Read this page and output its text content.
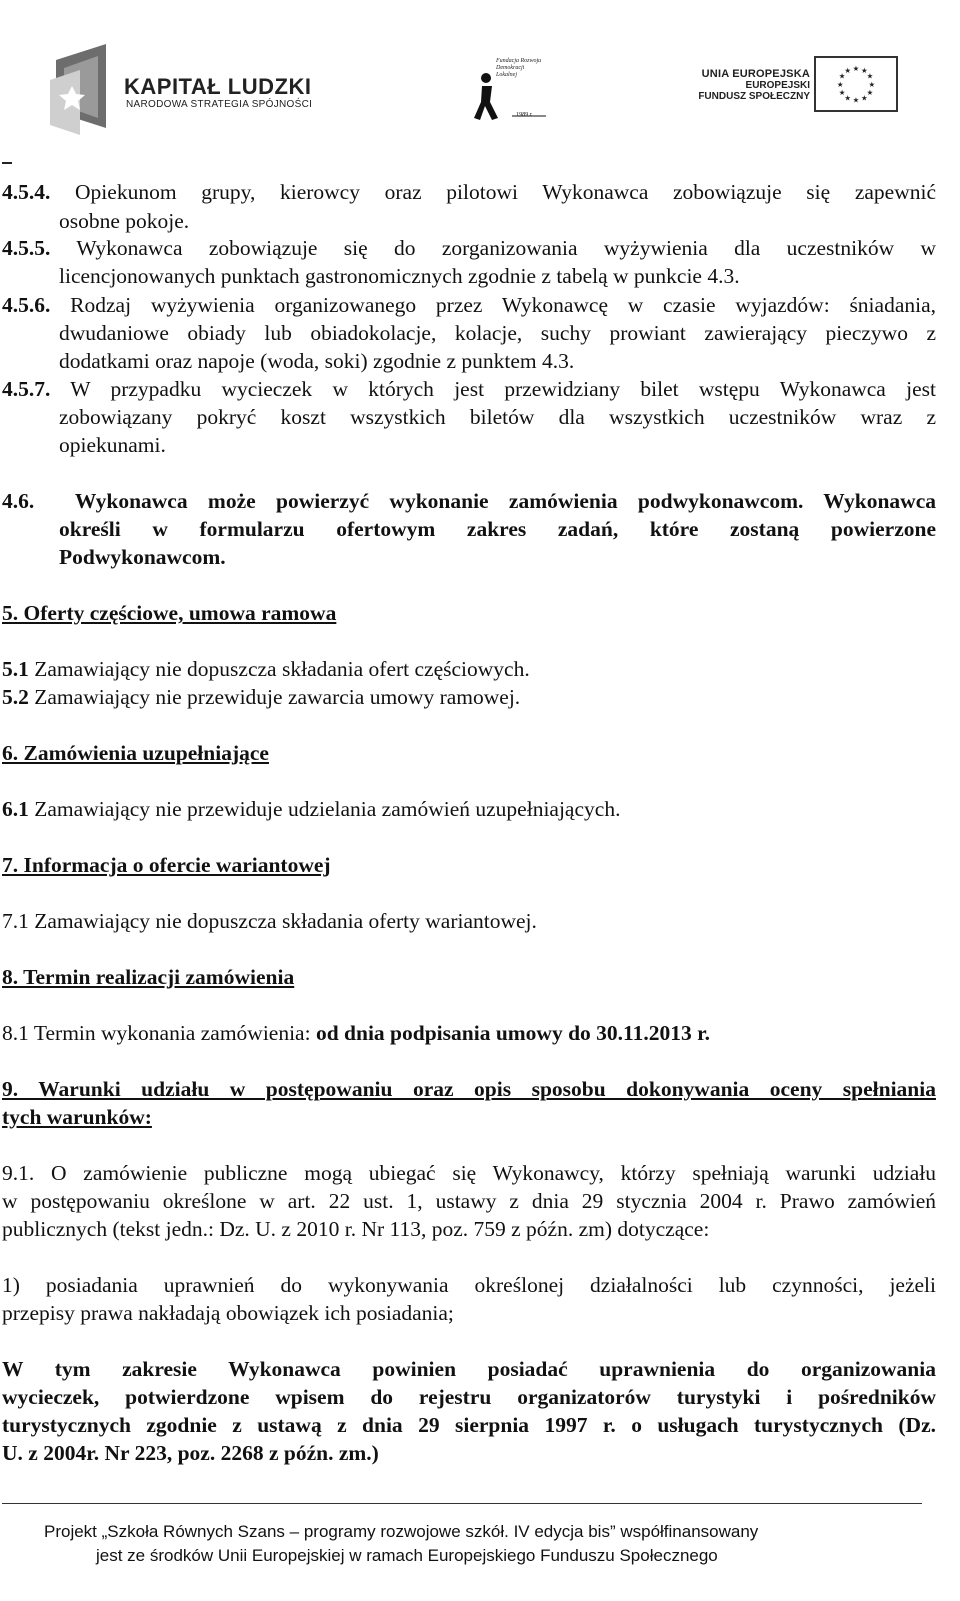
KAPITAŁ LUDZKI
NARODOWA STRATEGIA SPÓJNOŚCI
Fundacja Rozwoju Demokracji Lokalnej
1989 r.
UNIA EUROPEJSKA
EUROPEJSKI
FUNDUSZ SPOŁECZNY
★ ★
★
★
★
★
★
★
★
★
★
★
4.5.4. Opiekunom grupy, kierowcy oraz pilotowi Wykonawca zobowiązuje się zapewnić
osobne pokoje.
4.5.5. Wykonawca zobowiązuje się do zorganizowania wyżywienia dla uczestników w
licencjonowanych punktach gastronomicznych zgodnie z tabelą w punkcie 4.3.
4.5.6. Rodzaj wyżywienia organizowanego przez Wykonawcę w czasie wyjazdów: śniadania,
dwudaniowe obiady lub obiadokolacje, kolacje, suchy prowiant zawierający pieczywo z
dodatkami oraz napoje (woda, soki) zgodnie z punktem 4.3.
4.5.7. W przypadku wycieczek w których jest przewidziany bilet wstępu Wykonawca jest
zobowiązany pokryć koszt wszystkich biletów dla wszystkich uczestników wraz z
opiekunami.
4.6. Wykonawca może powierzyć wykonanie zamówienia podwykonawcom. Wykonawca
określi w formularzu ofertowym zakres zadań, które zostaną powierzone
Podwykonawcom.
5. Oferty częściowe, umowa ramowa
5.1 Zamawiający nie dopuszcza składania ofert częściowych.
5.2 Zamawiający nie przewiduje zawarcia umowy ramowej.
6. Zamówienia uzupełniające
6.1 Zamawiający nie przewiduje udzielania zamówień uzupełniających.
7. Informacja o ofercie wariantowej
7.1 Zamawiający nie dopuszcza składania oferty wariantowej.
8. Termin realizacji zamówienia
8.1 Termin wykonania zamówienia: od dnia podpisania umowy do 30.11.2013 r.
9. Warunki udziału w postępowaniu oraz opis sposobu dokonywania oceny spełniania
tych warunków:
9.1. O zamówienie publiczne mogą ubiegać się Wykonawcy, którzy spełniają warunki udziału
w postępowaniu określone w art. 22 ust. 1, ustawy z dnia 29 stycznia 2004 r. Prawo zamówień
publicznych (tekst jedn.: Dz. U. z 2010 r. Nr 113, poz. 759 z późn. zm) dotyczące:
1) posiadania uprawnień do wykonywania określonej działalności lub czynności, jeżeli
przepisy prawa nakładają obowiązek ich posiadania;
W tym zakresie Wykonawca powinien posiadać uprawnienia do organizowania
wycieczek, potwierdzone wpisem do rejestru organizatorów turystyki i pośredników
turystycznych zgodnie z ustawą z dnia 29 sierpnia 1997 r. o usługach turystycznych (Dz.
U. z 2004r. Nr 223, poz. 2268 z późn. zm.)
Projekt „Szkoła Równych Szans – programy rozwojowe szkół. IV edycja bis” współfinansowany
jest ze środków Unii Europejskiej w ramach Europejskiego Funduszu Społecznego
